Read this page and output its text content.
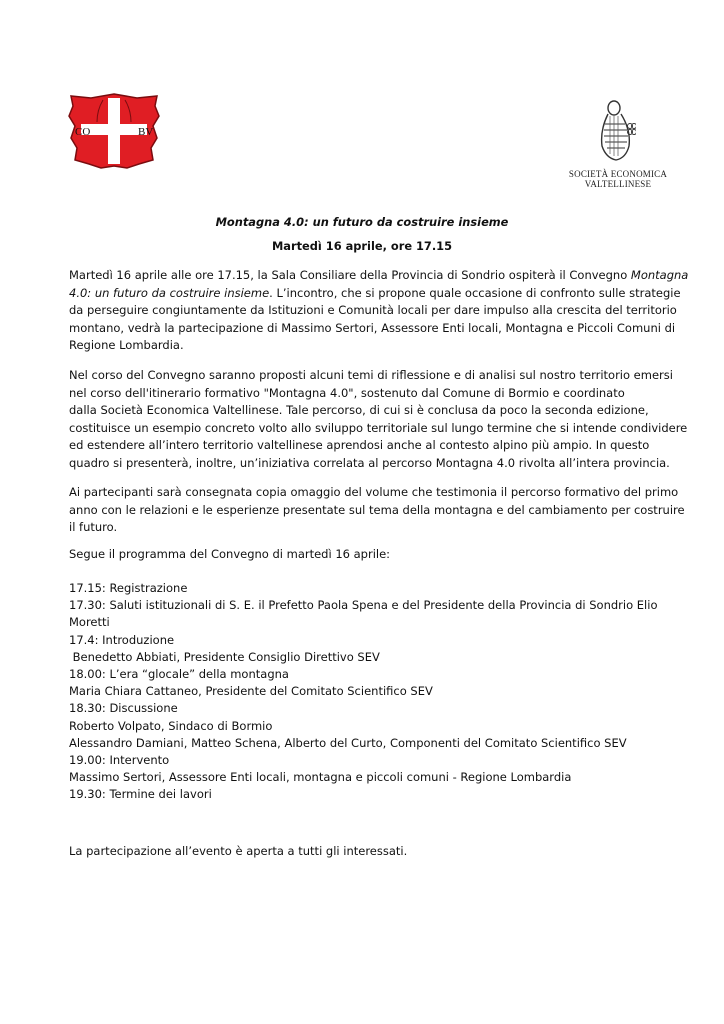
CO	BV
SOCIETÀ ECONOMICA
VALTELLINESE
Montagna 4.0: un futuro da costruire insieme
Martedì 16 aprile, ore 17.15
Martedì 16 aprile alle ore 17.15, la Sala Consiliare della Provincia di Sondrio ospiterà il Convegno Montagna
4.0: un futuro da costruire insieme. L’incontro, che si propone quale occasione di confronto sulle strategie
da perseguire congiuntamente da Istituzioni e Comunità locali per dare impulso alla crescita del territorio
montano, vedrà la partecipazione di Massimo Sertori, Assessore Enti locali, Montagna e Piccoli Comuni di
Regione Lombardia.
Nel corso del Convegno saranno proposti alcuni temi di riflessione e di analisi sul nostro territorio emersi
nel corso dell'itinerario formativo "Montagna 4.0", sostenuto dal Comune di Bormio e coordinato
dalla Società Economica Valtellinese. Tale percorso, di cui si è conclusa da poco la seconda edizione,
costituisce un esempio concreto volto allo sviluppo territoriale sul lungo termine che si intende condividere
ed estendere all’intero territorio valtellinese aprendosi anche al contesto alpino più ampio. In questo
quadro si presenterà, inoltre, un’iniziativa correlata al percorso Montagna 4.0 rivolta all’intera provincia.
Ai partecipanti sarà consegnata copia omaggio del volume che testimonia il percorso formativo del primo
anno con le relazioni e le esperienze presentate sul tema della montagna e del cambiamento per costruire
il futuro.
Segue il programma del Convegno di martedì 16 aprile:
17.15: Registrazione
17.30: Saluti istituzionali di S. E. il Prefetto Paola Spena e del Presidente della Provincia di Sondrio Elio
Moretti
17.4: Introduzione
Benedetto Abbiati, Presidente Consiglio Direttivo SEV
18.00: L’era “glocale” della montagna
Maria Chiara Cattaneo, Presidente del Comitato Scientifico SEV
18.30: Discussione
Roberto Volpato, Sindaco di Bormio
Alessandro Damiani, Matteo Schena, Alberto del Curto, Componenti del Comitato Scientifico SEV
19.00: Intervento
Massimo Sertori, Assessore Enti locali, montagna e piccoli comuni - Regione Lombardia
19.30: Termine dei lavori
La partecipazione all’evento è aperta a tutti gli interessati.
